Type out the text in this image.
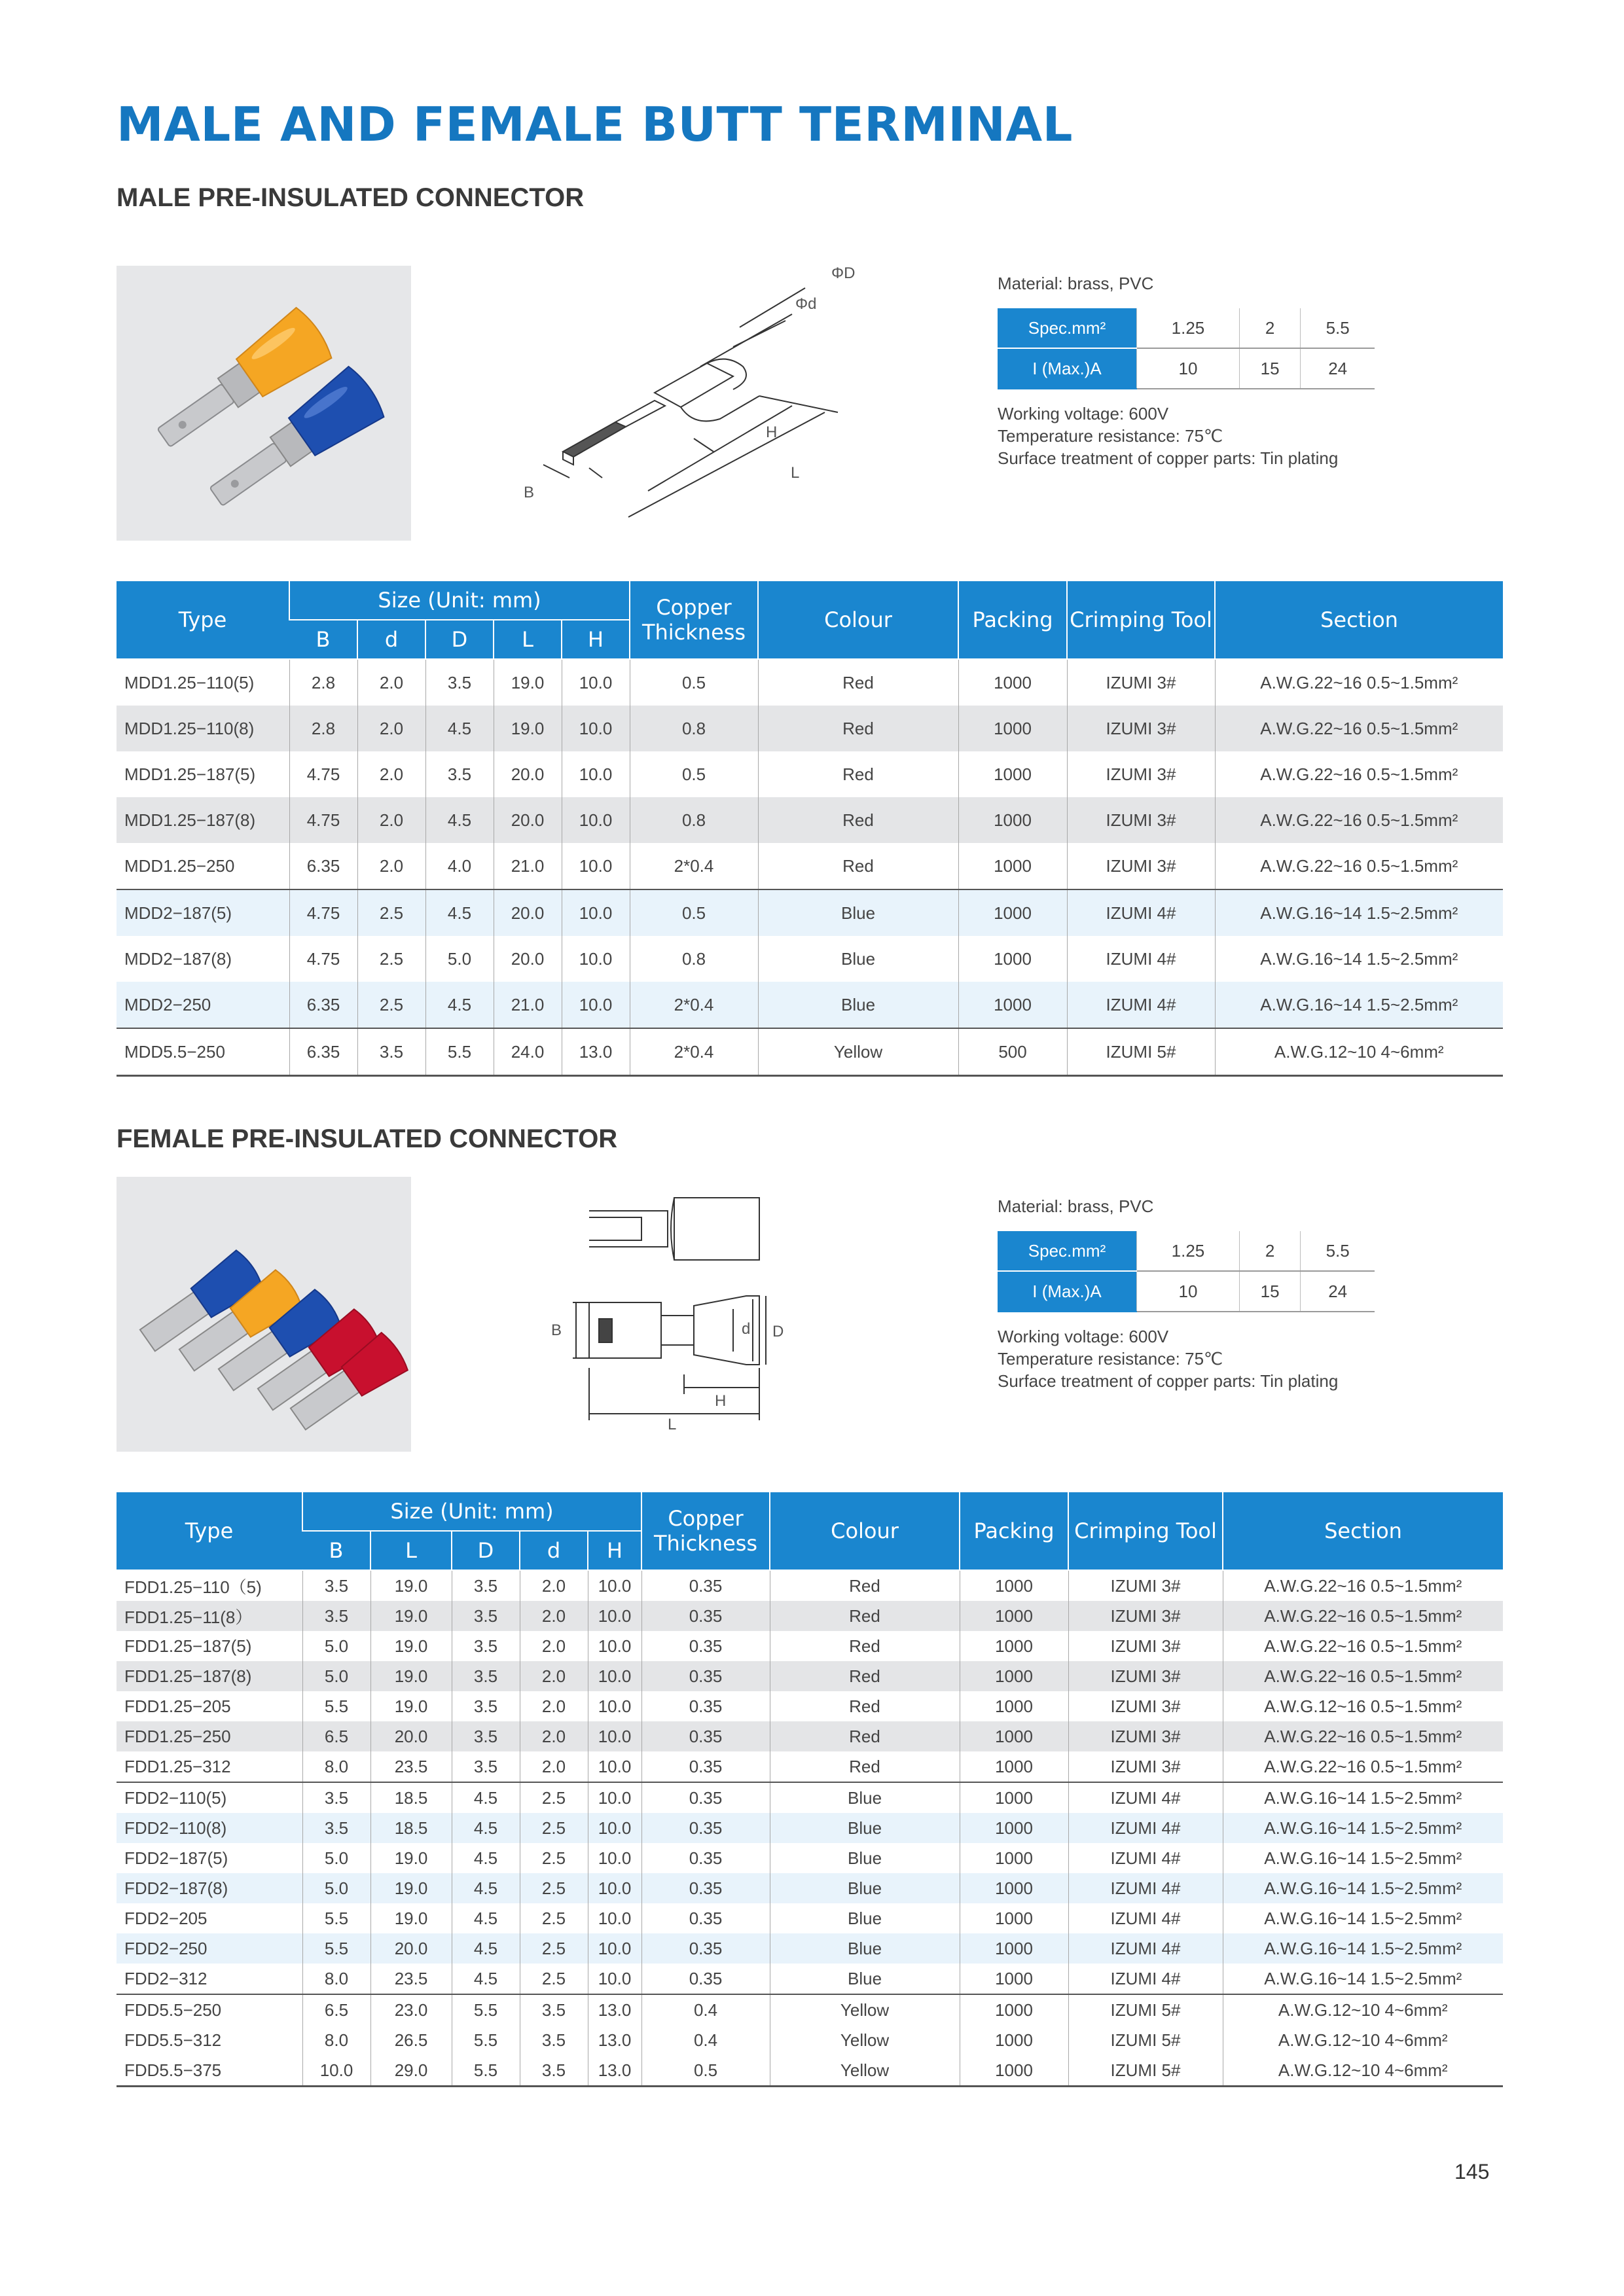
MALE AND FEMALE BUTT TERMINAL
MALE PRE-INSULATED CONNECTOR
ΦD
Φd
H
L
B

Material: brass, PVC

Spec.mm²	1.25	2	5.5
I (Max.)A	10	15	24
Working voltage: 600V
Temperature resistance: 75℃
Surface treatment of copper parts: Tin plating
Type	Size (Unit: mm)					Copper Thickness	Colour	Packing	Crimping Tool	Section
	B	d	D	L	H					
MDD1.25−110(5)	2.8	2.0	3.5	19.0	10.0	0.5	Red	1000	IZUMI 3#	A.W.G.22~16 0.5~1.5mm²
MDD1.25−110(8)	2.8	2.0	4.5	19.0	10.0	0.8	Red	1000	IZUMI 3#	A.W.G.22~16 0.5~1.5mm²
MDD1.25−187(5)	4.75	2.0	3.5	20.0	10.0	0.5	Red	1000	IZUMI 3#	A.W.G.22~16 0.5~1.5mm²
MDD1.25−187(8)	4.75	2.0	4.5	20.0	10.0	0.8	Red	1000	IZUMI 3#	A.W.G.22~16 0.5~1.5mm²
MDD1.25−250	6.35	2.0	4.0	21.0	10.0	2*0.4	Red	1000	IZUMI 3#	A.W.G.22~16 0.5~1.5mm²
MDD2−187(5)	4.75	2.5	4.5	20.0	10.0	0.5	Blue	1000	IZUMI 4#	A.W.G.16~14 1.5~2.5mm²
MDD2−187(8)	4.75	2.5	5.0	20.0	10.0	0.8	Blue	1000	IZUMI 4#	A.W.G.16~14 1.5~2.5mm²
MDD2−250	6.35	2.5	4.5	21.0	10.0	2*0.4	Blue	1000	IZUMI 4#	A.W.G.16~14 1.5~2.5mm²
MDD5.5−250	6.35	3.5	5.5	24.0	13.0	2*0.4	Yellow	500	IZUMI 5#	A.W.G.12~10 4~6mm²
FEMALE PRE-INSULATED CONNECTOR
B	d D
H
L

Material: brass, PVC

Spec.mm²	1.25	2	5.5
I (Max.)A	10	15	24
Working voltage: 600V
Temperature resistance: 75℃
Surface treatment of copper parts: Tin plating
Type	Size (Unit: mm)					Copper Thickness	Colour	Packing	Crimping Tool	Section
	B	L	D	d	H					
FDD1.25−110（5)	3.5	19.0	3.5	2.0	10.0	0.35	Red	1000	IZUMI 3#	A.W.G.22~16 0.5~1.5mm²
FDD1.25−11(8）	3.5	19.0	3.5	2.0	10.0	0.35	Red	1000	IZUMI 3#	A.W.G.22~16 0.5~1.5mm²
FDD1.25−187(5)	5.0	19.0	3.5	2.0	10.0	0.35	Red	1000	IZUMI 3#	A.W.G.22~16 0.5~1.5mm²
FDD1.25−187(8)	5.0	19.0	3.5	2.0	10.0	0.35	Red	1000	IZUMI 3#	A.W.G.22~16 0.5~1.5mm²
FDD1.25−205	5.5	19.0	3.5	2.0	10.0	0.35	Red	1000	IZUMI 3#	A.W.G.12~16 0.5~1.5mm²
FDD1.25−250	6.5	20.0	3.5	2.0	10.0	0.35	Red	1000	IZUMI 3#	A.W.G.22~16 0.5~1.5mm²
FDD1.25−312	8.0	23.5	3.5	2.0	10.0	0.35	Red	1000	IZUMI 3#	A.W.G.22~16 0.5~1.5mm²
FDD2−110(5)	3.5	18.5	4.5	2.5	10.0	0.35	Blue	1000	IZUMI 4#	A.W.G.16~14 1.5~2.5mm²
FDD2−110(8)	3.5	18.5	4.5	2.5	10.0	0.35	Blue	1000	IZUMI 4#	A.W.G.16~14 1.5~2.5mm²
FDD2−187(5)	5.0	19.0	4.5	2.5	10.0	0.35	Blue	1000	IZUMI 4#	A.W.G.16~14 1.5~2.5mm²
FDD2−187(8)	5.0	19.0	4.5	2.5	10.0	0.35	Blue	1000	IZUMI 4#	A.W.G.16~14 1.5~2.5mm²
FDD2−205	5.5	19.0	4.5	2.5	10.0	0.35	Blue	1000	IZUMI 4#	A.W.G.16~14 1.5~2.5mm²
FDD2−250	5.5	20.0	4.5	2.5	10.0	0.35	Blue	1000	IZUMI 4#	A.W.G.16~14 1.5~2.5mm²
FDD2−312	8.0	23.5	4.5	2.5	10.0	0.35	Blue	1000	IZUMI 4#	A.W.G.16~14 1.5~2.5mm²
FDD5.5−250	6.5	23.0	5.5	3.5	13.0	0.4	Yellow	1000	IZUMI 5#	A.W.G.12~10 4~6mm²
FDD5.5−312	8.0	26.5	5.5	3.5	13.0	0.4	Yellow	1000	IZUMI 5#	A.W.G.12~10 4~6mm²
FDD5.5−375	10.0	29.0	5.5	3.5	13.0	0.5	Yellow	1000	IZUMI 5#	A.W.G.12~10 4~6mm²
145
